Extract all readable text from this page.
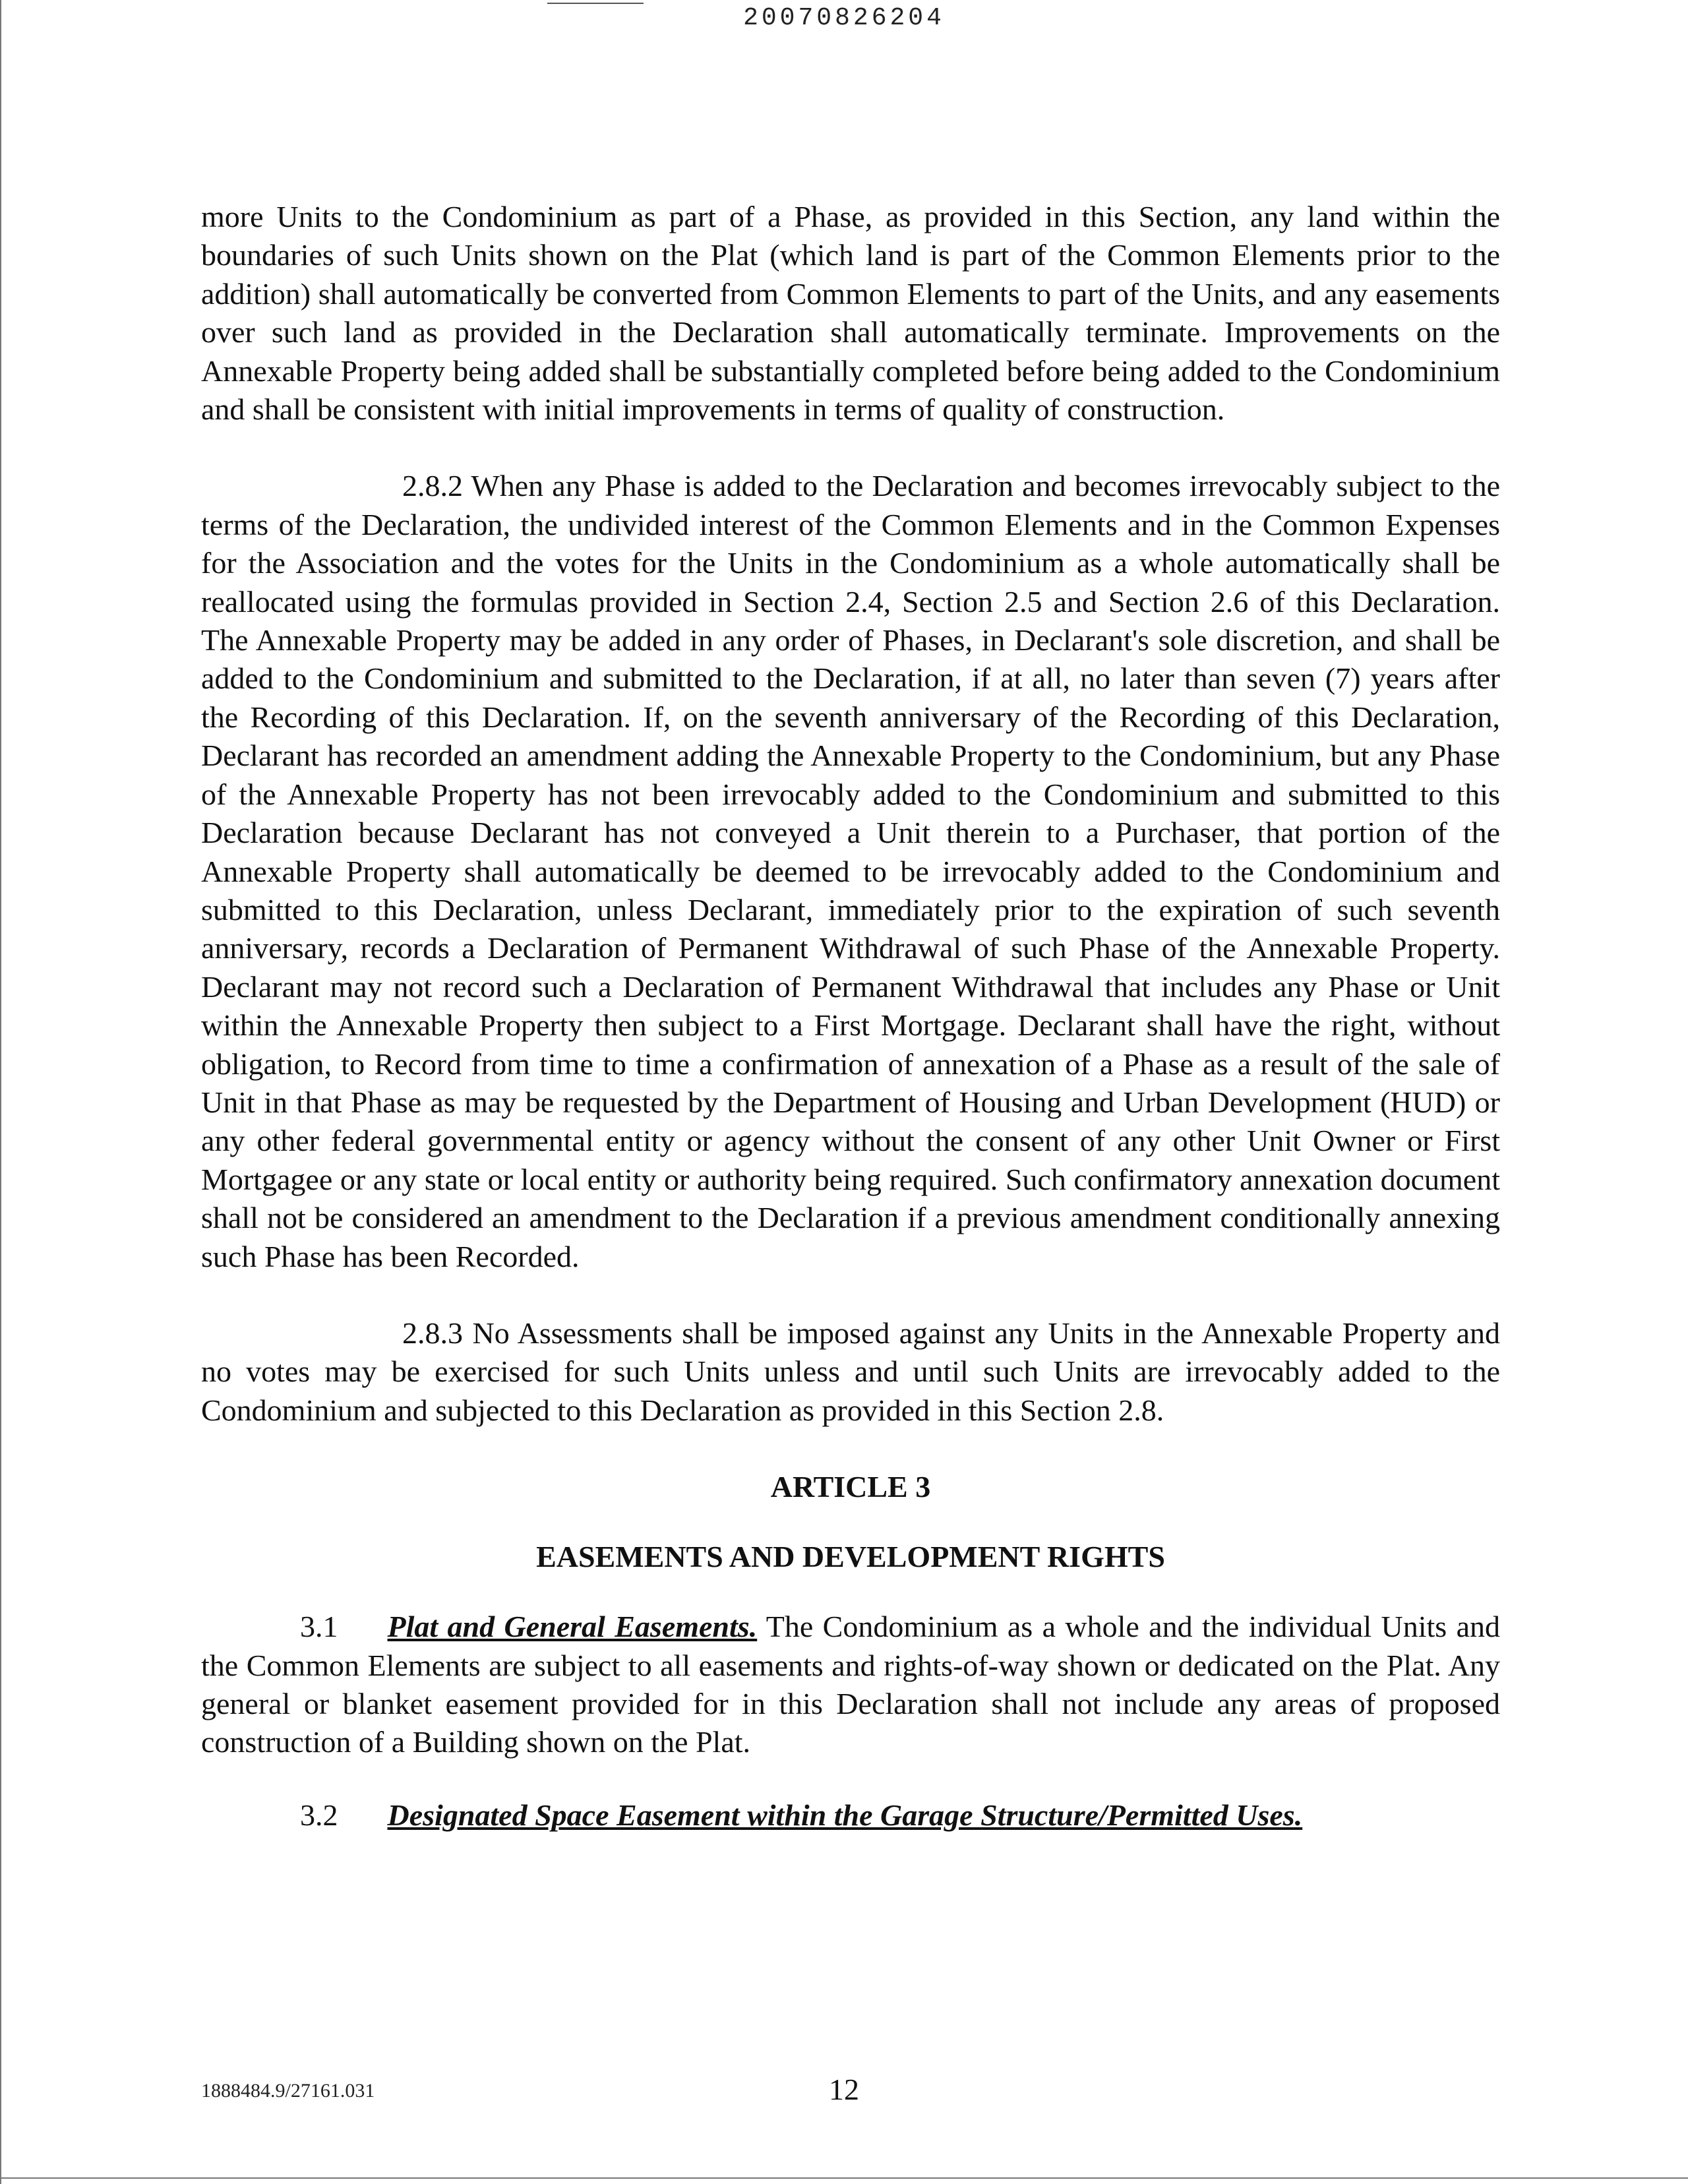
20070826204

more Units to the Condominium as part of a Phase, as provided in this Section, any land within the boundaries of such Units shown on the Plat (which land is part of the Common Elements prior to the addition) shall automatically be converted from Common Elements to part of the Units, and any easements over such land as provided in the Declaration shall automatically terminate. Improvements on the Annexable Property being added shall be substantially completed before being added to the Condominium and shall be consistent with initial improvements in terms of quality of construction.

2.8.2 When any Phase is added to the Declaration and becomes irrevocably subject to the terms of the Declaration, the undivided interest of the Common Elements and in the Common Expenses for the Association and the votes for the Units in the Condominium as a whole automatically shall be reallocated using the formulas provided in Section 2.4, Section 2.5 and Section 2.6 of this Declaration. The Annexable Property may be added in any order of Phases, in Declarant's sole discretion, and shall be added to the Condominium and submitted to the Declaration, if at all, no later than seven (7) years after the Recording of this Declaration. If, on the seventh anniversary of the Recording of this Declaration, Declarant has recorded an amendment adding the Annexable Property to the Condominium, but any Phase of the Annexable Property has not been irrevocably added to the Condominium and submitted to this Declaration because Declarant has not conveyed a Unit therein to a Purchaser, that portion of the Annexable Property shall automatically be deemed to be irrevocably added to the Condominium and submitted to this Declaration, unless Declarant, immediately prior to the expiration of such seventh anniversary, records a Declaration of Permanent Withdrawal of such Phase of the Annexable Property. Declarant may not record such a Declaration of Permanent Withdrawal that includes any Phase or Unit within the Annexable Property then subject to a First Mortgage. Declarant shall have the right, without obligation, to Record from time to time a confirmation of annexation of a Phase as a result of the sale of Unit in that Phase as may be requested by the Department of Housing and Urban Development (HUD) or any other federal governmental entity or agency without the consent of any other Unit Owner or First Mortgagee or any state or local entity or authority being required. Such confirmatory annexation document shall not be considered an amendment to the Declaration if a previous amendment conditionally annexing such Phase has been Recorded.

2.8.3 No Assessments shall be imposed against any Units in the Annexable Property and no votes may be exercised for such Units unless and until such Units are irrevocably added to the Condominium and subjected to this Declaration as provided in this Section 2.8.

ARTICLE 3
EASEMENTS AND DEVELOPMENT RIGHTS

3.1 Plat and General Easements. The Condominium as a whole and the individual Units and the Common Elements are subject to all easements and rights-of-way shown or dedicated on the Plat. Any general or blanket easement provided for in this Declaration shall not include any areas of proposed construction of a Building shown on the Plat.

3.2 Designated Space Easement within the Garage Structure/Permitted Uses.

1888484.9/27161.031	12
